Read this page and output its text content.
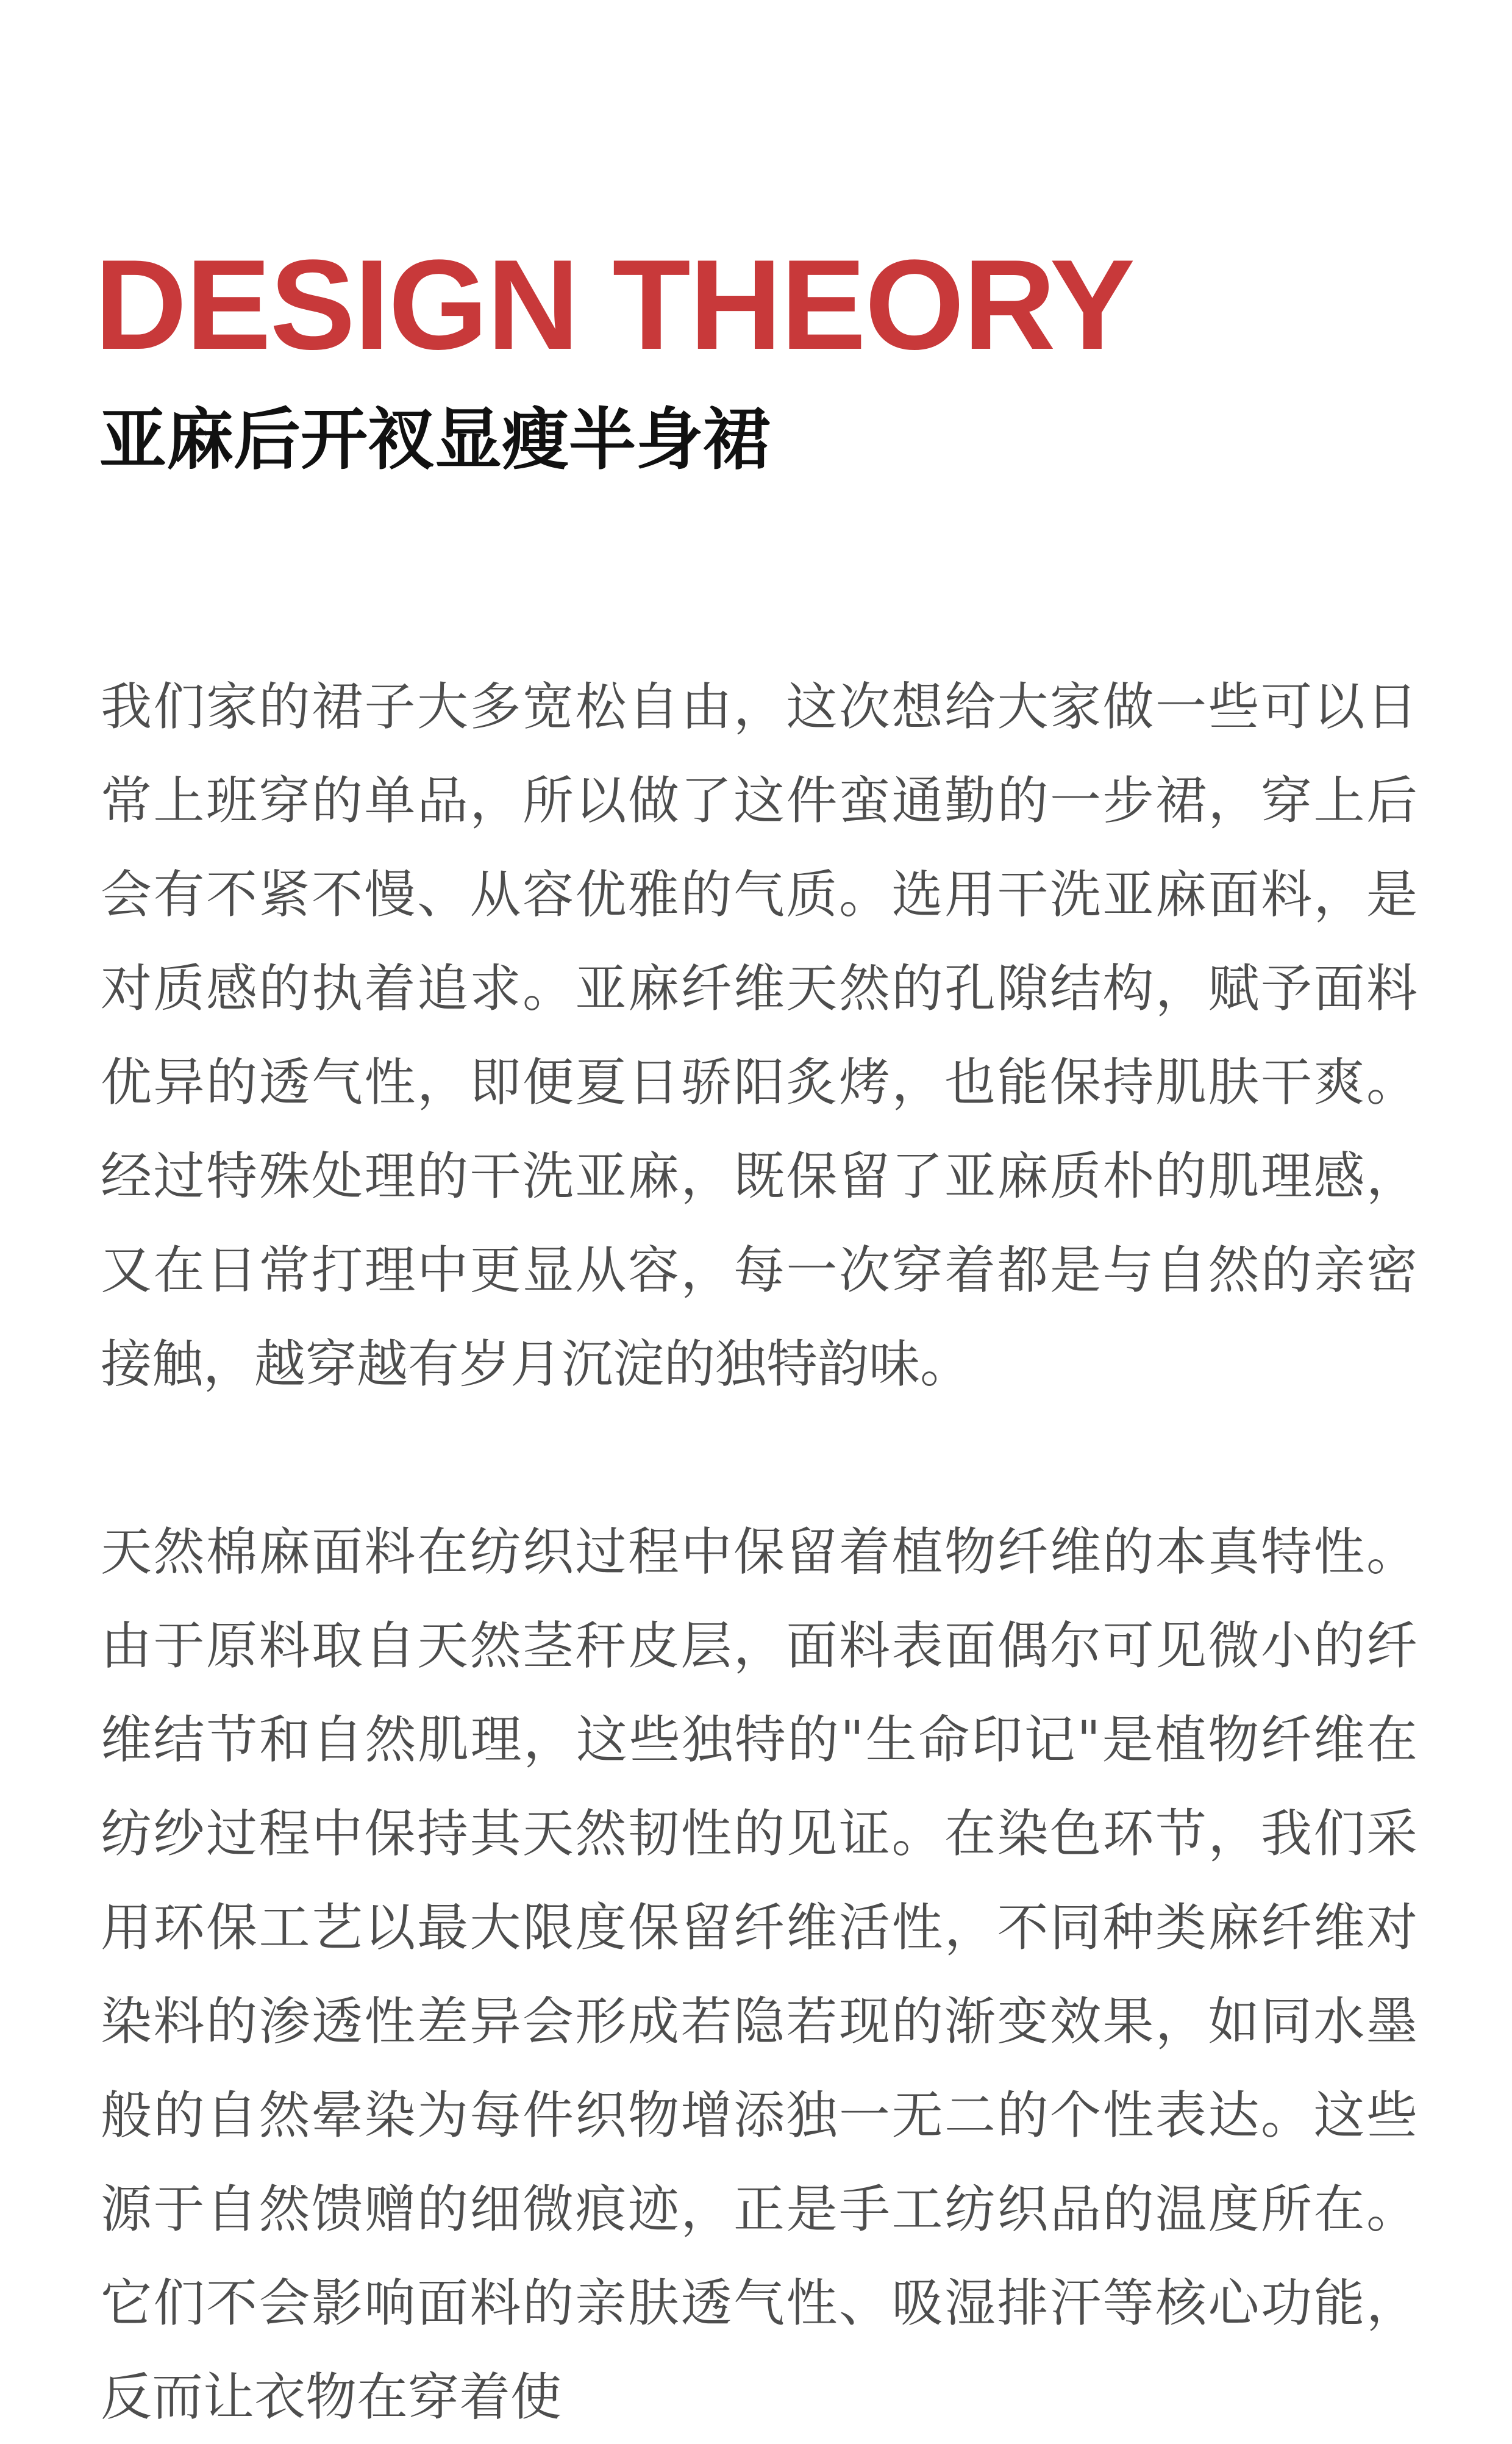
DESIGN THEORY
亚麻后开衩显瘦半身裙

我们家的裙子大多宽松自由，这次想给大家做一些可以日常上班穿的单品，所以做了这件蛮通勤的一步裙，穿上后会有不紧不慢、从容优雅的气质。选用干洗亚麻面料，是对质感的执着追求。亚麻纤维天然的孔隙结构，赋予面料优异的透气性，即便夏日骄阳炙烤，也能保持肌肤干爽。经过特殊处理的干洗亚麻，既保留了亚麻质朴的肌理感，又在日常打理中更显从容，每一次穿着都是与自然的亲密接触，越穿越有岁月沉淀的独特韵味。

天然棉麻面料在纺织过程中保留着植物纤维的本真特性。由于原料取自天然茎秆皮层，面料表面偶尔可见微小的纤维结节和自然肌理，这些独特的"生命印记"是植物纤维在纺纱过程中保持其天然韧性的见证。在染色环节，我们采用环保工艺以最大限度保留纤维活性，不同种类麻纤维对染料的渗透性差异会形成若隐若现的渐变效果，如同水墨般的自然晕染为每件织物增添独一无二的个性表达。这些源于自然馈赠的细微痕迹，正是手工纺织品的温度所在。它们不会影响面料的亲肤透气性、吸湿排汗等核心功能，反而让衣物在穿着使
